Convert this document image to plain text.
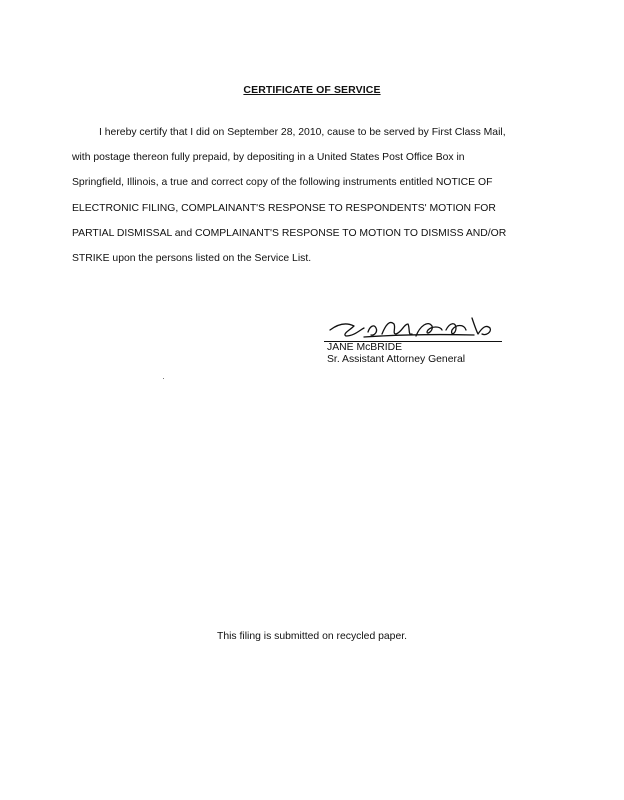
CERTIFICATE OF SERVICE
I hereby certify that I did on September 28, 2010, cause to be served by First Class Mail,
with postage thereon fully prepaid, by depositing in a United States Post Office Box in
Springfield, Illinois, a true and correct copy of the following instruments entitled NOTICE OF
ELECTRONIC FILING, COMPLAINANT'S RESPONSE TO RESPONDENTS' MOTION FOR
PARTIAL DISMISSAL and COMPLAINANT'S RESPONSE TO MOTION TO DISMISS AND/OR
STRIKE upon the persons listed on the Service List.
JANE McBRIDE
Sr. Assistant Attorney General
This filing is submitted on recycled paper.
